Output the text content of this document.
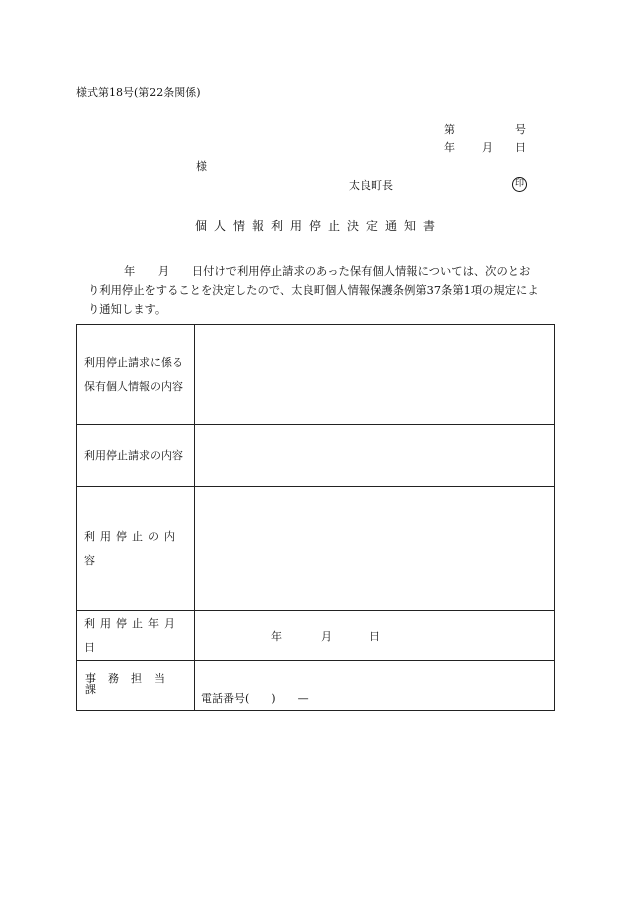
様式第18号(第22条関係)
第	号
年 月 日
様
太良町長	印
個人情報利用停止決定通知書
年　　月　　日付けで利用停止請求のあった保有個人情報については、次のとお
り利用停止をすることを決定したので、太良町個人情報保護条例第37条第1項の規定によ
り通知します。
利用停止請求に係る
保有個人情報の内容	

利用停止請求の内容	

利用停止の内容	

利用停止年月日	年 月 日

事務担当課	電話番号(　　)　　—
